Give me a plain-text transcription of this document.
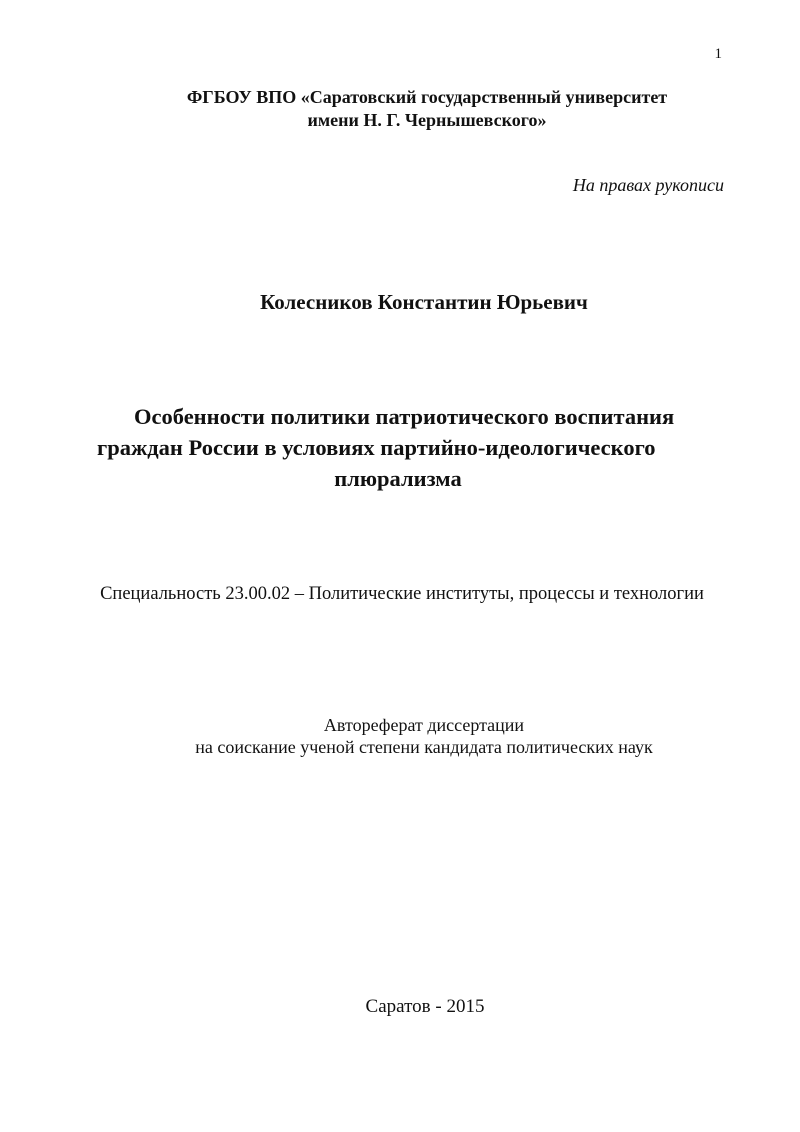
1
ФГБОУ ВПО «Саратовский государственный университет
имени Н. Г. Чернышевского»
На правах рукописи
Колесников Константин Юрьевич
Особенности политики патриотического воспитания
граждан России в условиях партийно-идеологического
плюрализма
Специальность 23.00.02 – Политические институты, процессы и технологии
Автореферат диссертации
на соискание ученой степени кандидата политических наук
Саратов - 2015
